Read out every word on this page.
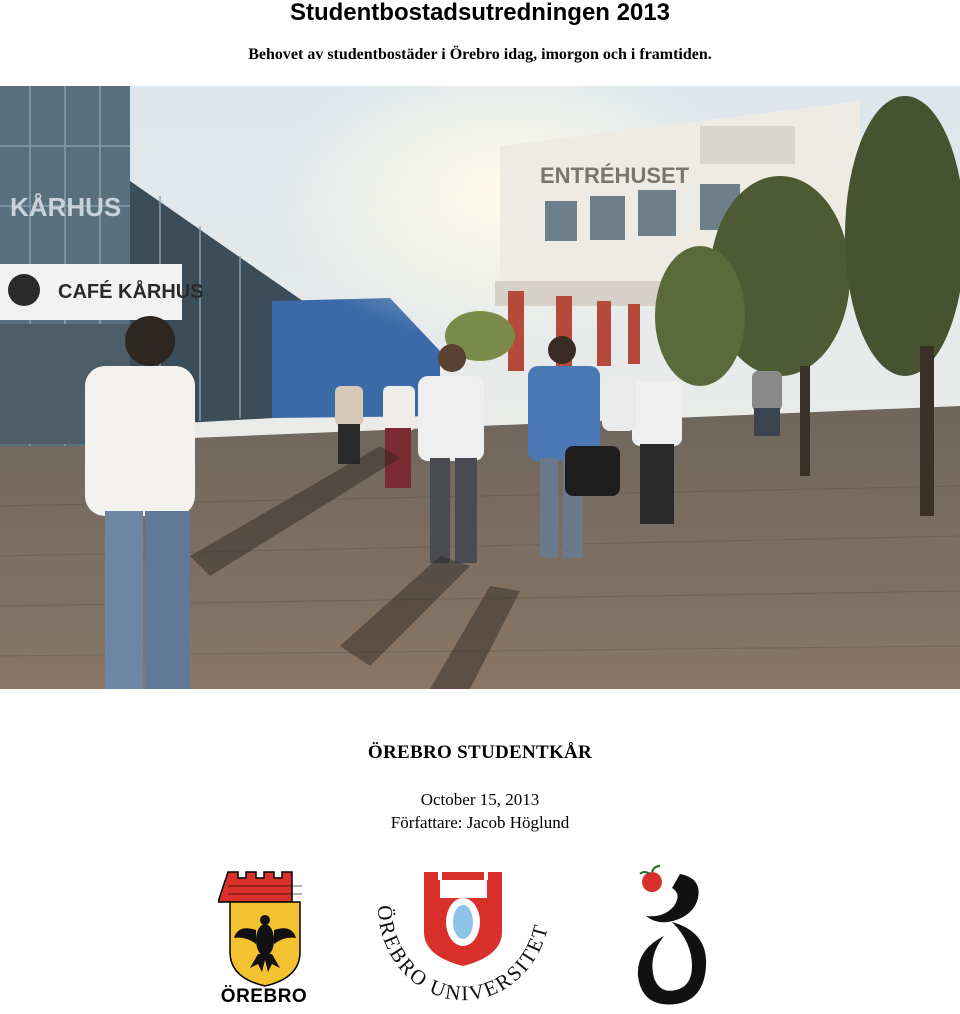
Studentbostadsutredningen 2013
Behovet av studentbostäder i Örebro idag, imorgon och i framtiden.
ENTRÉHUSET
ÖREBRO STUDENTKÅR
October 15, 2013
Författare: Jacob Höglund
ÖREBRO
ÖREBRO UNIVERSITET
